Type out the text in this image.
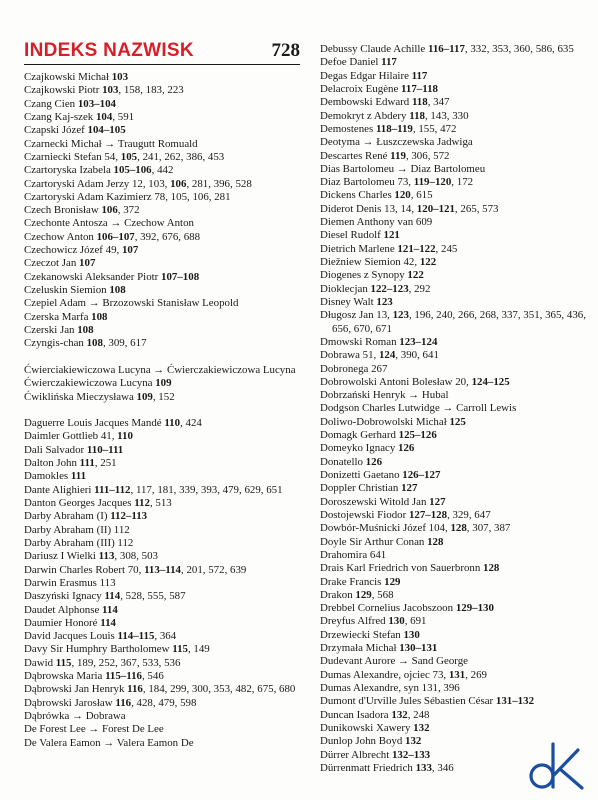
INDEKS NAZWISK	728
Czajkowski Michał 103
Czajkowski Piotr 103, 158, 183, 223
Czang Cien 103–104
Czang Kaj-szek 104, 591
Czapski Józef 104–105
Czarnecki Michał → Traugutt Romuald
Czarniecki Stefan 54, 105, 241, 262, 386, 453
Czartoryska Izabela 105–106, 442
Czartoryski Adam Jerzy 12, 103, 106, 281, 396, 528
Czartoryski Adam Kazimierz 78, 105, 106, 281
Czech Bronisław 106, 372
Czechonte Antosza → Czechow Anton
Czechow Anton 106–107, 392, 676, 688
Czechowicz Józef 49, 107
Czeczot Jan 107
Czekanowski Aleksander Piotr 107–108
Czeluskin Siemion 108
Czepiel Adam → Brzozowski Stanisław Leopold
Czerska Marfa 108
Czerski Jan 108
Czyngis-chan 108, 309, 617
Ćwierciakiewiczowa Lucyna → Ćwierczakiewiczowa Lucyna
Ćwierczakiewiczowa Lucyna 109
Ćwiklińska Mieczysława 109, 152
Daguerre Louis Jacques Mandé 110, 424
Daimler Gottlieb 41, 110
Dali Salvador 110–111
Dalton John 111, 251
Damokles 111
Dante Alighieri 111–112, 117, 181, 339, 393, 479, 629, 651
Danton Georges Jacques 112, 513
Darby Abraham (I) 112–113
Darby Abraham (II) 112
Darby Abraham (III) 112
Dariusz I Wielki 113, 308, 503
Darwin Charles Robert 70, 113–114, 201, 572, 639
Darwin Erasmus 113
Daszyński Ignacy 114, 528, 555, 587
Daudet Alphonse 114
Daumier Honoré 114
David Jacques Louis 114–115, 364
Davy Sir Humphry Bartholomew 115, 149
Dawid 115, 189, 252, 367, 533, 536
Dąbrowska Maria 115–116, 546
Dąbrowski Jan Henryk 116, 184, 299, 300, 353, 482, 675, 680
Dąbrowski Jarosław 116, 428, 479, 598
Dąbrówka → Dobrawa
De Forest Lee → Forest De Lee
De Valera Eamon → Valera Eamon De
Debussy Claude Achille 116–117, 332, 353, 360, 586, 635
Defoe Daniel 117
Degas Edgar Hilaire 117
Delacroix Eugène 117–118
Dembowski Edward 118, 347
Demokryt z Abdery 118, 143, 330
Demostenes 118–119, 155, 472
Deotyma → Łuszczewska Jadwiga
Descartes René 119, 306, 572
Dias Bartolomeu → Diaz Bartolomeu
Diaz Bartolomeu 73, 119–120, 172
Dickens Charles 120, 615
Diderot Denis 13, 14, 120–121, 265, 573
Diemen Anthony van 609
Diesel Rudolf 121
Dietrich Marlene 121–122, 245
Diežniew Siemion 42, 122
Diogenes z Synopy 122
Dioklecjan 122–123, 292
Disney Walt 123
Długosz Jan 13, 123, 196, 240, 266, 268, 337, 351, 365, 436, 656, 670, 671
Dmowski Roman 123–124
Dobrawa 51, 124, 390, 641
Dobronega 267
Dobrowolski Antoni Bolesław 20, 124–125
Dobrzański Henryk → Hubal
Dodgson Charles Lutwidge → Carroll Lewis
Doliwo-Dobrowolski Michał 125
Domagk Gerhard 125–126
Domeyko Ignacy 126
Donatello 126
Donizetti Gaetano 126–127
Doppler Christian 127
Doroszewski Witold Jan 127
Dostojewski Fiodor 127–128, 329, 647
Dowbór-Muśnicki Józef 104, 128, 307, 387
Doyle Sir Arthur Conan 128
Drahomira 641
Drais Karl Friedrich von Sauerbronn 128
Drake Francis 129
Drakon 129, 568
Drebbel Cornelius Jacobszoon 129–130
Dreyfus Alfred 130, 691
Drzewiecki Stefan 130
Drzymała Michał 130–131
Dudevant Aurore → Sand George
Dumas Alexandre, ojciec 73, 131, 269
Dumas Alexandre, syn 131, 396
Dumont d'Urville Jules Sébastien César 131–132
Duncan Isadora 132, 248
Dunikowski Xawery 132
Dunlop John Boyd 132
Dürrer Albrecht 132–133
Dürrenmatt Friedrich 133, 346
